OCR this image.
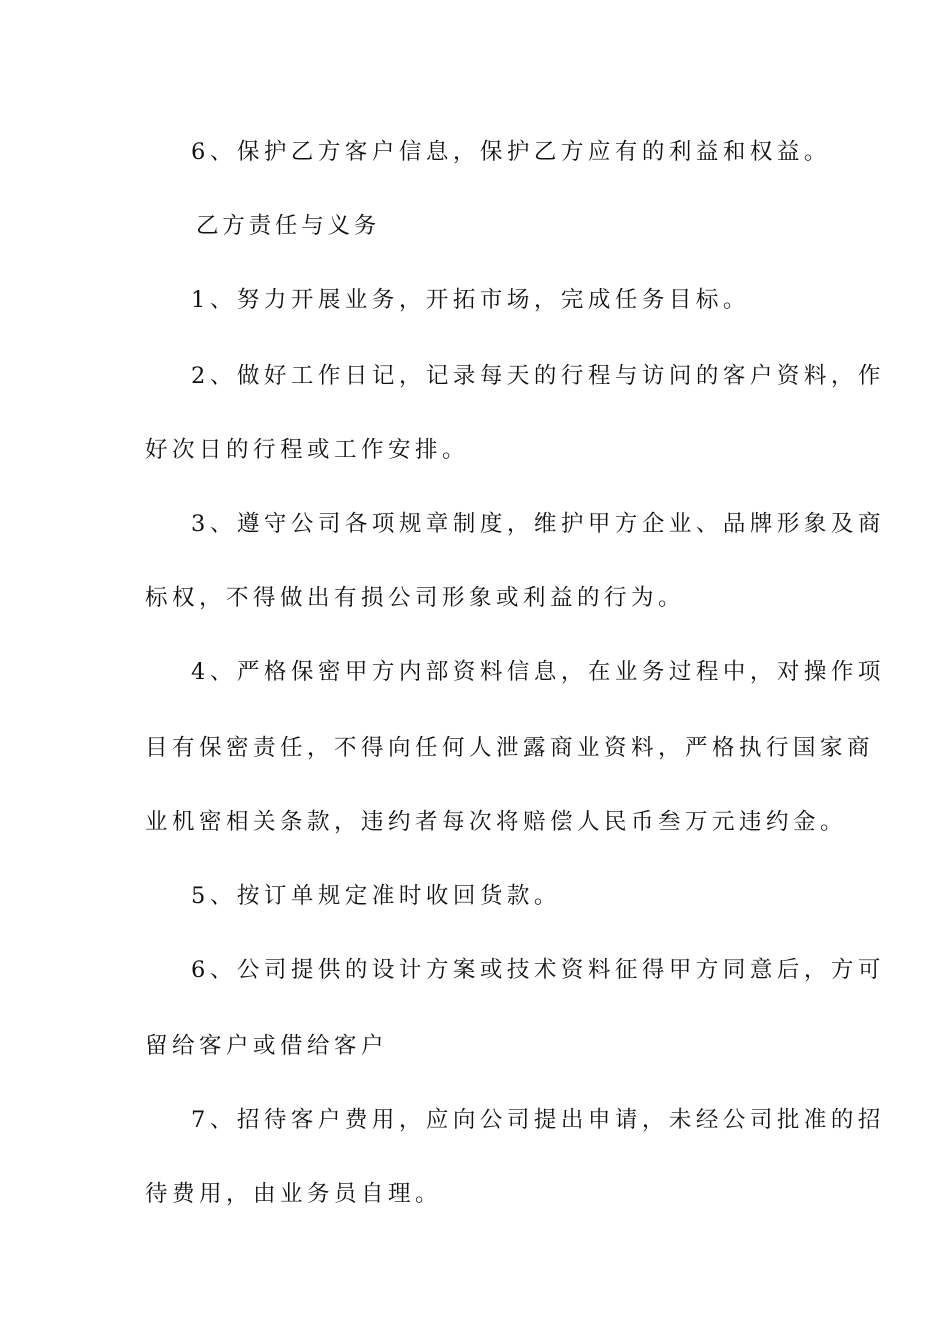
6、保护乙方客户信息，保护乙方应有的利益和权益。

乙方责任与义务

1、努力开展业务，开拓市场，完成任务目标。

2、做好工作日记，记录每天的行程与访问的客户资料，作

好次日的行程或工作安排。

3、遵守公司各项规章制度，维护甲方企业、品牌形象及商

标权，不得做出有损公司形象或利益的行为。

4、严格保密甲方内部资料信息，在业务过程中，对操作项

目有保密责任，不得向任何人泄露商业资料，严格执行国家商

业机密相关条款，违约者每次将赔偿人民币叁万元违约金。

5、按订单规定准时收回货款。

6、公司提供的设计方案或技术资料征得甲方同意后，方可

留给客户或借给客户

7、招待客户费用，应向公司提出申请，未经公司批准的招

待费用，由业务员自理。
